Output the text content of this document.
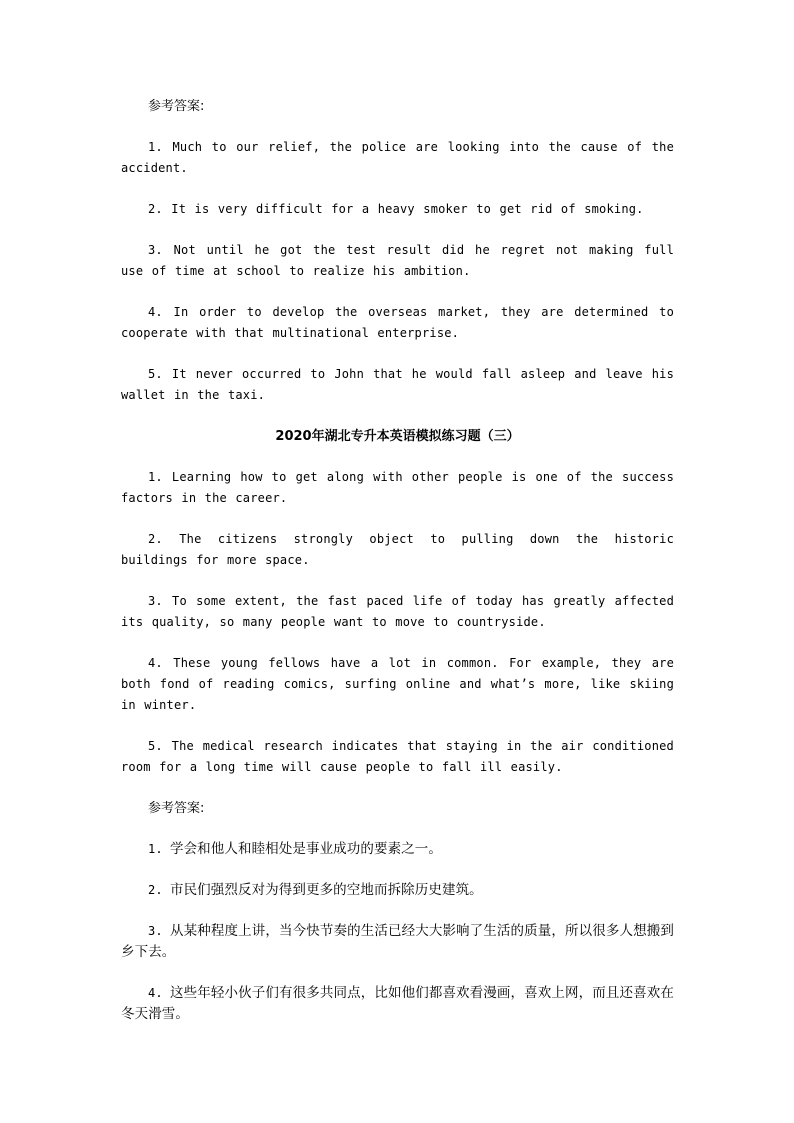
参考答案:

1. Much to our relief, the police are looking into the cause of the accident.

2. It is very difficult for a heavy smoker to get rid of smoking.

3. Not until he got the test result did he regret not making full use of time at school to realize his ambition.

4. In order to develop the overseas market, they are determined to cooperate with that multinational enterprise.

5. It never occurred to John that he would fall asleep and leave his wallet in the taxi.

2020年湖北专升本英语模拟练习题（三）

1. Learning how to get along with other people is one of the success factors in the career.

2. The citizens strongly object to pulling down the historic buildings for more space.

3. To some extent, the fast paced life of today has greatly affected its quality, so many people want to move to countryside.

4. These young fellows have a lot in common. For example, they are both fond of reading comics, surfing online and what’s more, like skiing in winter.

5. The medical research indicates that staying in the air conditioned room for a long time will cause people to fall ill easily.

参考答案:

1. 学会和他人和睦相处是事业成功的要素之一。

2. 市民们强烈反对为得到更多的空地而拆除历史建筑。

3. 从某种程度上讲，当今快节奏的生活已经大大影响了生活的质量，所以很多人想搬到乡下去。

4. 这些年轻小伙子们有很多共同点，比如他们都喜欢看漫画，喜欢上网，而且还喜欢在冬天滑雪。
